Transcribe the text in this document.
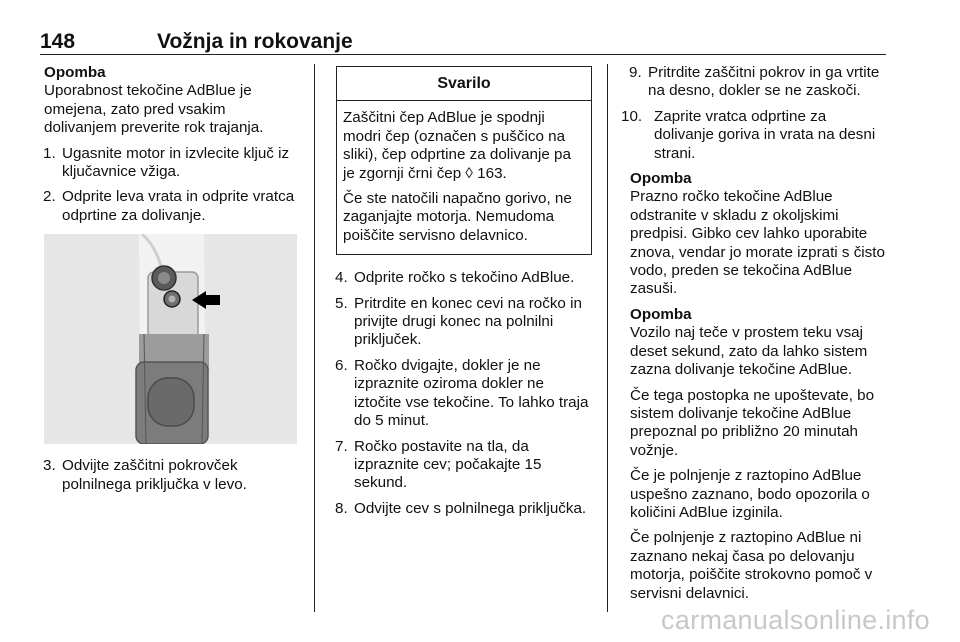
148	Vožnja in rokovanje
Opomba

Uporabnost tekočine AdBlue je omejena, zato pred vsakim dolivanjem preverite rok trajanja.

1. Ugasnite motor in izvlecite ključ iz ključavnice vžiga.
2. Odprite leva vrata in odprite vratca odprtine za dolivanje.
3. Odvijte zaščitni pokrovček polnilnega priključka v levo.
Svarilo

Zaščitni čep AdBlue je spodnji modri čep (označen s puščico na sliki), čep odprtine za dolivanje pa je zgornji črni čep ◊ 163.

Če ste natočili napačno gorivo, ne zaganjajte motorja. Nemudoma poiščite servisno delavnico.

4. Odprite ročko s tekočino AdBlue.
5. Pritrdite en konec cevi na ročko in privijte drugi konec na polnilni priključek.
6. Ročko dvigajte, dokler je ne izpraznite oziroma dokler ne iztočite vse tekočine. To lahko traja do 5 minut.
7. Ročko postavite na tla, da izpraznite cev; počakajte 15 sekund.
8. Odvijte cev s polnilnega priključka.
9. Pritrdite zaščitni pokrov in ga vrtite na desno, dokler se ne zaskoči.
10. Zaprite vratca odprtine za dolivanje goriva in vrata na desni strani.
Opomba

Prazno ročko tekočine AdBlue odstranite v skladu z okoljskimi predpisi. Gibko cev lahko uporabite znova, vendar jo morate izprati s čisto vodo, preden se tekočina AdBlue zasuši.

Opomba

Vozilo naj teče v prostem teku vsaj deset sekund, zato da lahko sistem zazna dolivanje tekočine AdBlue.

Če tega postopka ne upoštevate, bo sistem dolivanje tekočine AdBlue prepoznal po približno 20 minutah vožnje.

Če je polnjenje z raztopino AdBlue uspešno zaznano, bodo opozorila o količini AdBlue izginila.

Če polnjenje z raztopino AdBlue ni zaznano nekaj časa po delovanju motorja, poiščite strokovno pomoč v servisni delavnici.

carmanualsonline.info
